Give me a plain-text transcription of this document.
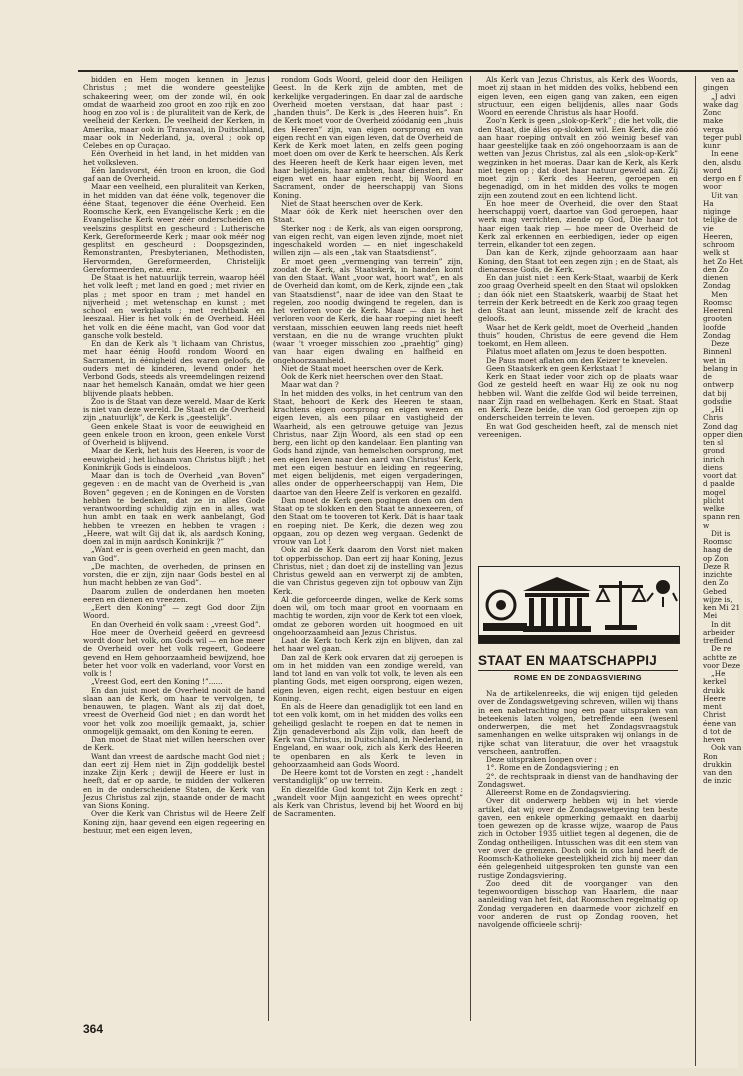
bidden en Hem mogen kennen in Jezus Christus ; met die wondere geestelijke schakeering weer, om der zonde wil, én ook omdat de waarheid zoo groot en zoo rijk en zoo hoog en zoo vol is : de pluraliteit van de Kerk, de veelheid der Kerken. De veelheid der Kerken, in Amerika, maar ook in Transvaal, in Duitschland, maar ook in Nederland, ja, overal ; ook op Celebes en op Curaçao.

Eén Overheid in het land, in het midden van het volksleven.

Eén landsvorst, één troon en kroon, die God gaf aan de Overheid.

Maar een veelheid, een pluraliteit van Kerken, in het midden van dat ééne volk, tegenover die ééne Staat, tegenover die ééne Overheid. Een Roomsche Kerk, een Evangelische Kerk ; en die Evangelische Kerk weer zéér onderscheiden en veelszins gesplitst en gescheurd : Lutherische Kerk, Gereformeerde Kerk ; maar ook méér nog gesplitst en gescheurd : Doopsgezinden, Remonstranten, Presbyterianen, Methodisten, Hervormden, Gereformeerden, Christelijk Gereformeerden, enz. enz.

De Staat is het natuurlijk terrein, waarop héél het volk leeft ; met land en goed ; met rivier en plas ; met spoor en tram ; met handel en nijverheid ; met wetenschap en kunst ; met school en werkplaats ; met rechtbank en leeszaal. Hier is het volk én de Overheid. Héél het volk en die ééne macht, van God voor dat gansche volk besteld.

En dan de Kerk als 't lichaam van Christus, met haar éénig Hoofd rondom Woord en Sacrament, in éénigheid des waren geloofs, de ouders met de kinderen, levend onder het Verbond Gods, steeds als vreemdelingen reizend naar het hemelsch Kanaän, omdat we hier geen blijvende plaats hebben.

Zoo is de Staat van deze wereld. Maar de Kerk is niet van deze wereld. De Staat en de Overheid zijn „natuurlijk”, de Kerk is „geestelijk”.

Geen enkele Staat is voor de eeuwigheid en geen enkele troon en kroon, geen enkele Vorst of Overheid is blijvend.

Maar de Kerk, het huis des Heeren, is voor de eeuwigheid ; het lichaam van Christus blijft ; het Koninkrijk Gods is eindeloos.

Maar dan is toch de Overheid „van Boven” gegeven : en de macht van de Overheid is „van Boven” gegeven ; en de Koningen en de Vorsten hebben te bedenken, dat ze in alles Gode verantwoording schuldig zijn en in alles, wat hun ambt en taak en werk aanbelangt, God hebben te vreezen en hebben te vragen : „Heere, wat wilt Gij dat ik, als aardsch Koning, doen zal in mijn aardsch Koninkrijk ?”

„Want er is geen overheid en geen macht, dan van God”.

„De machten, de overheden, de prinsen en vorsten, die er zijn, zijn naar Gods bestel en al hun macht hebben ze van God”.

Daarom zullen de onderdanen hen moeten eeren en dienen en vreezen.

„Eert den Koning” — zegt God door Zijn Woord.

En dan Overheid én volk saam : „vreest God”.

Hoe meer de Overheid geëerd en gevreesd wordt door het volk, om Gods wil — en hoe meer de Overheid over het volk regeert, Godeere gevend en Hem gehoorzaamheid bewijzend, hoe beter het voor volk en vaderland, voor Vorst en volk is !

„Vreest God, eert den Koning !”......

En dan juist moet de Overheid nooit de hand slaan aan de Kerk, om haar te vervolgen, te benauwen, te plagen. Want als zij dat doet, vreest de Overheid God niet ; en dan wordt het voor het volk zoo moeilijk gemaakt, ja, schier onmogelijk gemaakt, om den Koning te eeren.

Dan moet de Staat niet willen heerschen over de Kerk.

Want dan vreest de aardsche macht God niet ; dan eert zij Hem niet in Zijn goddelijk bestel inzake Zijn Kerk ; dewijl de Heere er lust in heeft, dat er op aarde, te midden der volkeren en in de onderscheidene Staten, de Kerk van Jezus Christus zal zijn, staande onder de macht van Sions Koning.

Over die Kerk van Christus wil de Heere Zelf Koning zijn, haar gevend een eigen regeering en bestuur, met een eigen leven,

rondom Gods Woord, geleid door den Heiligen Geest. In de Kerk zijn de ambten, met de kerkelijke vergaderingen. En daar zal de aardsche Overheid moeten verstaan, dat haar past : „handen thuis”. De Kerk is „des Heeren huis”. En de Kerk moet voor de Overheid zóódanig een „huis des Heeren” zijn, van eigen oorsprong en van eigen recht en van eigen leven, dat de Overheid de Kerk de Kerk moet laten, en zelfs geen poging moet doen om over de Kerk te heerschen. Als Kerk des Heeren heeft de Kerk haar eigen leven, met haar belijdenis, haar ambten, haar diensten, haar eigen wet en haar eigen recht, bij Woord en Sacrament, onder de heerschappij van Sions Koning.

Niet de Staat heerschen over de Kerk.

Maar óók de Kerk niet heerschen over den Staat.

Sterker nog : de Kerk, als van eigen oorsprong, van eigen recht, van eigen leven zijnde, moet niet ingeschakeld worden — en niet ingeschakeld willen zijn — als een „tak van Staatsdienst”.

Er moet geen „vermenging van terrein” zijn, zoodat de Kerk, als Staatskerk, in handen komt van den Staat. Want „voor wat, hoort wat”, en als de Overheid dan komt, om de Kerk, zijnde een „tak van Staatsdienst”, naar de idee van den Staat te regelen, zoo noodig dwingend te regelen, dan is het verloren voor de Kerk. Maar — dan is het verloren voor de Kerk, die haar roeping niet heeft verstaan, misschien eeuwen lang reeds niet heeft verstaan, en die nu de wrange vruchten plukt (waar 't vroeger misschien zoo „praehtig” ging) van haar eigen dwaling en halfheid en ongehoorzaamheid.

Niet de Staat moet heerschen over de Kerk.

Ook de Kerk niet heerschen over den Staat.

Maar wat dan ?

In het midden des volks, in het centrum van den Staat, behoort de Kerk des Heeren te staan, krachtens eigen oorsprong en eigen wezen en eigen leven, als een pilaar en vastigheid der Waarheid, als een getrouwe getuige van Jezus Christus, naar Zijn Woord, als een stad op een berg, een licht op den kandelaar. Een planting van Gods hand zijnde, van hemelschen oorsprong, met een eigen leven naar den aard van Christus' Kerk, met een eigen bestuur en leiding en regeering, met eigen belijdenis, met eigen vergaderingen, alles onder de opperheerschappij van Hem, Die daartoe van den Heere Zelf is verkoren en gezalfd.

Dan moet de Kerk geen pogingen doen om den Staat op te slokken en den Staat te annexeeren, of den Staat om te tooveren tot Kerk. Dát is haar taak en roeping niet. De Kerk, die dezen weg zou opgaan, zou op dezen weg vergaan. Gedenkt de vrouw van Lot !

Ook zal de Kerk daarom den Vorst niet maken tot opperbisschop. Dan eert zij haar Koning, Jezus Christus, niet ; dan doet zij de instelling van Jezus Christus geweld aan en verwerpt zij de ambten, die van Christus gegeven zijn tot opbouw van Zijn Kerk.

Al die geforceerde dingen, welke de Kerk soms doen wil, om toch maar groot en voornaam en machtig te worden, zijn voor de Kerk tot een vloek, omdat ze geboren worden uit hoogmoed en uit ongehoorzaamheid aan Jezus Christus.

Laat de Kerk toch Kerk zijn en blijven, dan zal het haar wel gaan.

Dan zal de Kerk ook ervaren dat zij geroepen is om in het midden van een zondige wereld, van land tot land en van volk tot volk, te leven als een planting Gods, met eigen oorsprong, eigen wezen, eigen leven, eigen recht, eigen bestuur en eigen Koning.

En als de Heere dan genadiglijk tot een land en tot een volk komt, om in het midden des volks een geheiligd geslacht te roepen en dat te nemen in Zijn genadeverbond als Zijn volk, dan heeft de Kerk van Christus, in Duitschland, in Nederland, in Engeland, en waar ook, zich als Kerk des Heeren te openbaren en als Kerk te leven in gehoorzaamheid aan Gods Woord.

De Heere komt tot de Vorsten en zegt : „handelt verstandiglijk” op uw terrein.

En diezelfde God komt tot Zijn Kerk en zegt : „wandelt voor Mijn aangezicht en wees oprecht” als Kerk van Christus, levend bij het Woord en bij de Sacramenten.

Als Kerk van Jezus Christus, als Kerk des Woords, moet zij staan in het midden des volks, hebbend een eigen leven, een eigen gang van zaken, een eigen structuur, een eigen belijdenis, alles naar Gods Woord en eerende Christus als haar Hoofd.

Zoo'n Kerk is geen „slok-op-Kerk” ; die het volk, die den Staat, die álles op-slokken wil. Een Kerk, die zóó aan haar roeping ontvalt en zóó weinig besef van haar geestelijke taak en zóó ongehoorzaam is aan de wetten van Jezus Christus, zal als een „slok-op-Kerk” wegzinken in het moeras. Daar kan de Kerk, als Kerk niet tegen op ; dat doet haar natuur geweld aan. Zij moet zijn : Kerk des Heeren, geroepen en begenadigd, om in het midden des volks te mogen zijn een zoutend zout en een lichtend licht.

En hoe meer de Overheid, die over den Staat heerschappij voert, daartoe van God geroepen, haar werk mag verrichten, ziende op God, Die haar tot haar eigen taak riep — hoe meer de Overheid de Kerk zal erkennen en eerbiedigen, ieder op eigen terrein, elkander tot een zegen.

Dan kan de Kerk, zijnde gehoorzaam aan haar Koning, den Staat tot een zegen zijn ; en de Staat, als dienaresse Gods, de Kerk.

En dan juist niet : een Kerk-Staat, waarbij de Kerk zoo graag Overheid speelt en den Staat wil opslokken ; dan óók niet een Staatskerk, waarbij de Staat het terrein der Kerk betreedt en de Kerk zoo graag tegen den Staat aan leunt, missende zelf de kracht des geloofs.

Waar het de Kerk geldt, moet de Overheid „handen thuis” houden, Christus de eere gevend die Hem toekomt, en Hem alleen.

Pilatus moet aflaten om Jezus te doen bespotten.

De Paus moet aflaten om den Keizer te knevelen.

Geen Staatskerk en geen Kerkstaat !

Kerk en Staat ieder voor zich op de plaats waar God ze gesteld heeft en waar Hij ze ook nu nog hebben wil. Want die zelfde God wil beide terreinen, naar Zijn raad en welbehagen. Kerk en Staat. Staat en Kerk. Deze beide, die van God geroepen zijn op onderscheiden terrein te leven.

En wat God gescheiden heeft, zal de mensch niet vereenigen.

STAAT EN MAATSCHAPPIJ
ROME EN DE ZONDAGSVIERING

Na de artikelenreeks, die wij enigen tijd geleden over de Zondagswetgeving schreven, willen wij thans in een nabetrachting nog een paar uitspraken van beteekenis laten volgen, betreffende een (wesenl onderwerpen, die met het Zondagsvraagstuk samenhangen en welke uitspraken wij onlangs in de rijke schat van literatuur, die over het vraagstuk verscheen, aantroffen.

Deze uitspraken loopen over :

1°. Rome en de Zondagsviering ; en

2°. de rechtspraak in dienst van de handhaving der Zondagswet.

Allereerst Rome en de Zondagsviering.

Over dit onderwerp hebben wij in het vierde artikel, dat wij over de Zondagswetgeving ten beste gaven, een enkele opmerking gemaakt en daarbij toen gewezen op de krasse wijze, waarop de Paus zich in October 1935 uitliet tegen al degenen, die de Zondag ontheiligen. Intusschen was dit een stem van ver over de grenzen. Doch ook in ons land heeft de Roomsch-Katholieke geestelijkheid zich bij meer dan één gelegenheid uitgesproken ten gunste van een rustige Zondagsviering.

Zoo deed dit de voorganger van den tegenwoordigen bisschop van Haarlem, die naar aanleiding van het feit, dat Roomschen regelmatig op Zondag vergaderen en daarmede voor zichzelf en voor anderen de rust op Zondag rooven, het navolgende officieele schrij-

ven aa gingen

„J advi wake dag Zonc make verga teger publ kunr

In eene den, alsdu word dergo en f woor

Uit van Ha niginge telijke de vie Heeren, schroom welk st het Zo Het den Zo dienen Zondag

Men Roomsc Heerenl grooten loofde Zondag

Deze Binnenl wet in belang in de ontwerp dat bij godsdie

„Hi Chris Zond dag opper dien ten sl grond inrich diens voort dat d paalde mogel plicht welke spann ren w

Dit is Roomsc haag de op Zon Deze R inzichte den Zo Gebed wijze is, ken Mi 21 Mei

In dit arbeider treffend

De re achtte ze voor Deze

„He kerkel drukk Heere ment Christ éene van d tot de heven

Ook van Ron drukkin van den de inzic

364
